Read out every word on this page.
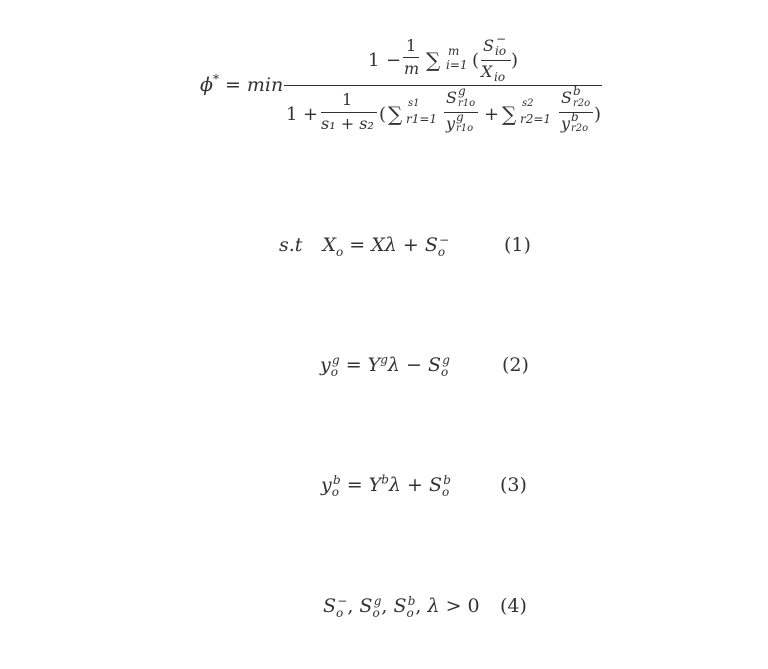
ϕ* = min
1 −
1
m ∑ m
i=1 (
S −
io
X io
)
1 +
1
s₁ + s₂ ( ∑ s1
r1=1
S g
r1o
y g
r1o
+ ∑ s2
r2=1
S b
r2o
y b
r2o
)
s.t $X_o = X\lambda + S_o^-$	(1)
$y_o^g = Y^g\lambda - S_o^g$	(2)
$y_o^b = Y^b\lambda + S_o^b$	(3)
$S_o^-$, $S_o^g$, $S_o^b$, λ > 0 (4)
